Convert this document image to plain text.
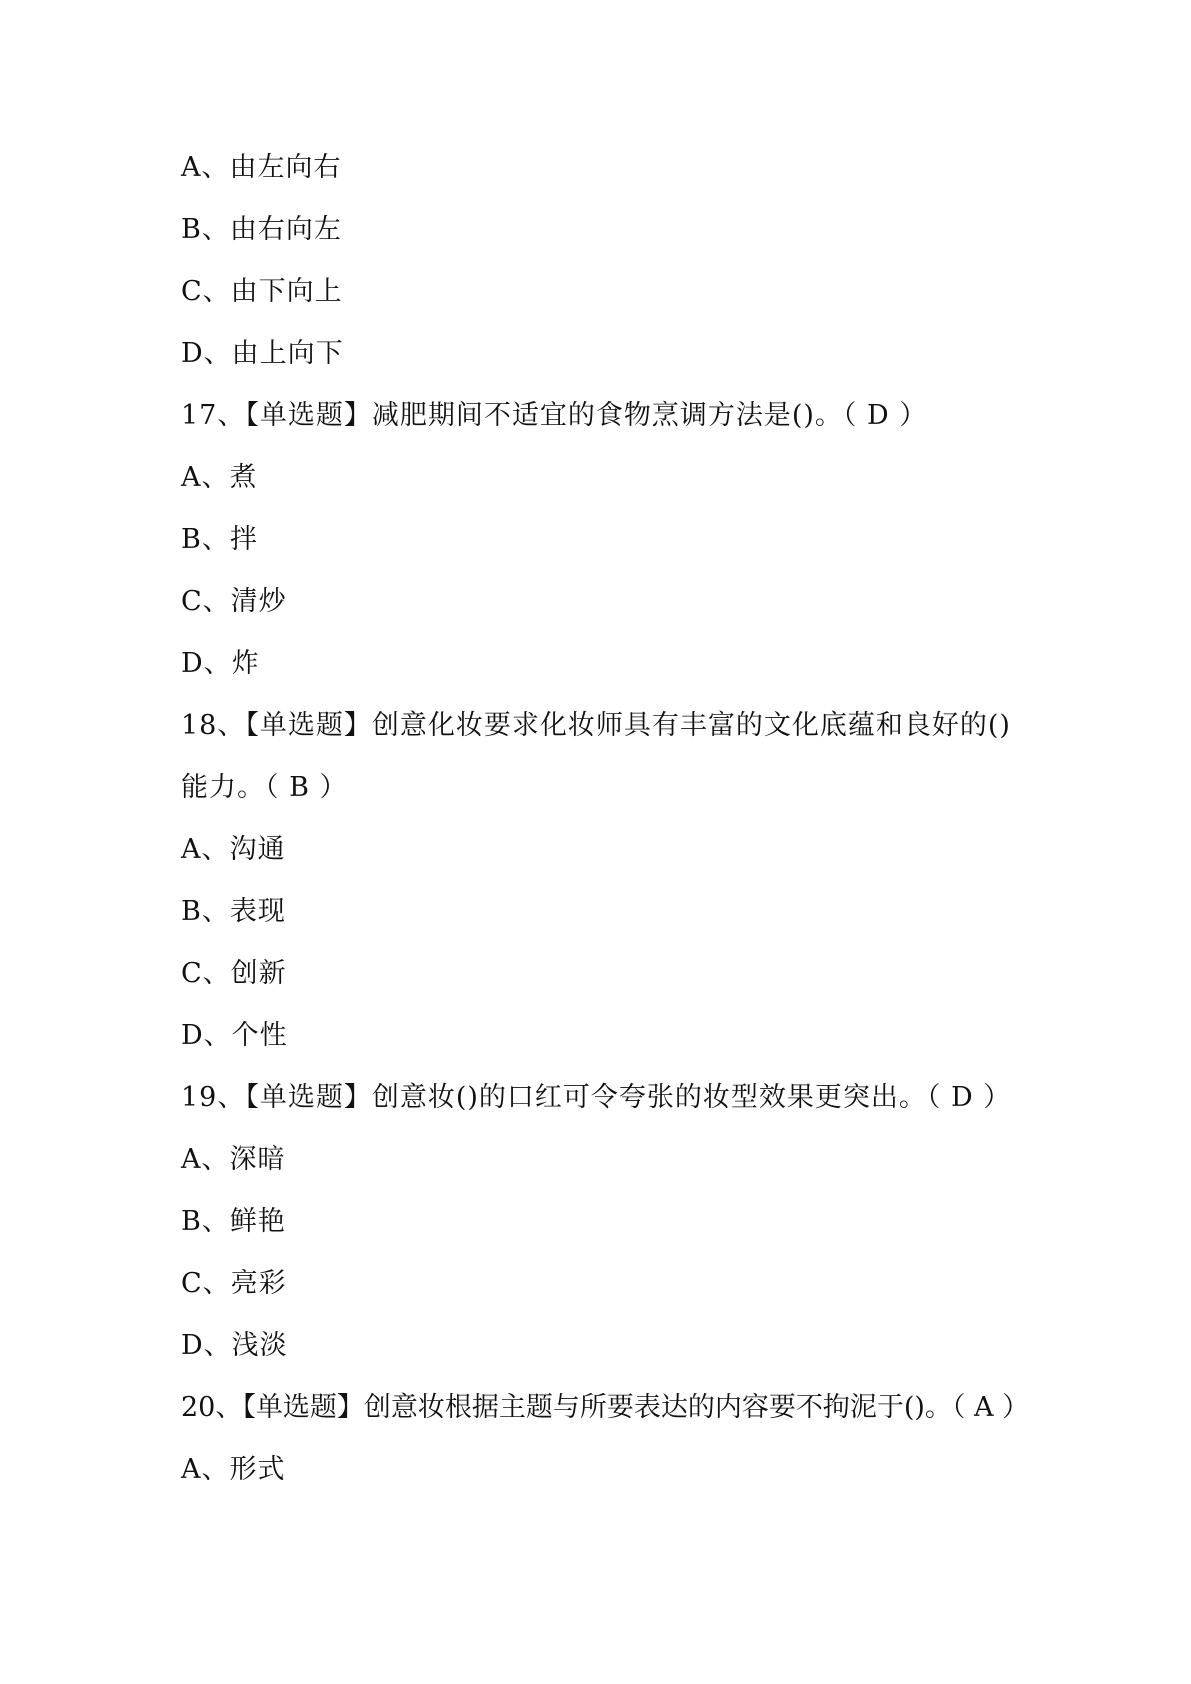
A、由左向右
B、由右向左
C、由下向上
D、由上向下
17、【单选题】减肥期间不适宜的食物烹调方法是()。（ D ）
A、煮
B、拌
C、清炒
D、炸
18、【单选题】创意化妆要求化妆师具有丰富的文化底蕴和良好的()
能力。（ B ）
A、沟通
B、表现
C、创新
D、个性
19、【单选题】创意妆()的口红可令夸张的妆型效果更突出。（ D ）
A、深暗
B、鲜艳
C、亮彩
D、浅淡
20、【单选题】创意妆根据主题与所要表达的内容要不拘泥于()。（ A ）
A、形式
